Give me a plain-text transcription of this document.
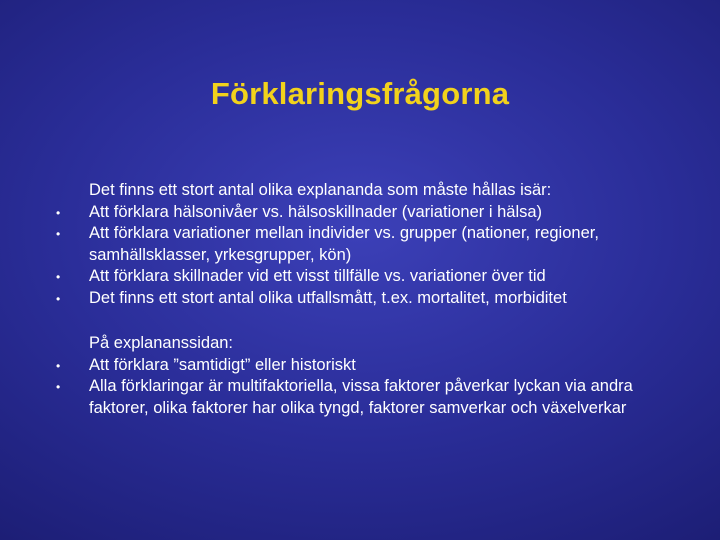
Förklaringsfrågorna
Det finns ett stort antal olika explananda som måste hållas isär:
•	Att förklara hälsonivåer vs. hälsoskillnader (variationer i hälsa)
•	Att förklara variationer mellan individer vs. grupper (nationer, regioner, samhällsklasser, yrkesgrupper, kön)
•	Att förklara skillnader vid ett visst tillfälle vs. variationer över tid
•	Det finns ett stort antal olika utfallsmått, t.ex. mortalitet, morbiditet
På explananssidan:
•	Att förklara ”samtidigt” eller historiskt
•	Alla förklaringar är multifaktoriella, vissa faktorer påverkar lyckan via andra faktorer, olika faktorer har olika tyngd, faktorer samverkar och växelverkar
